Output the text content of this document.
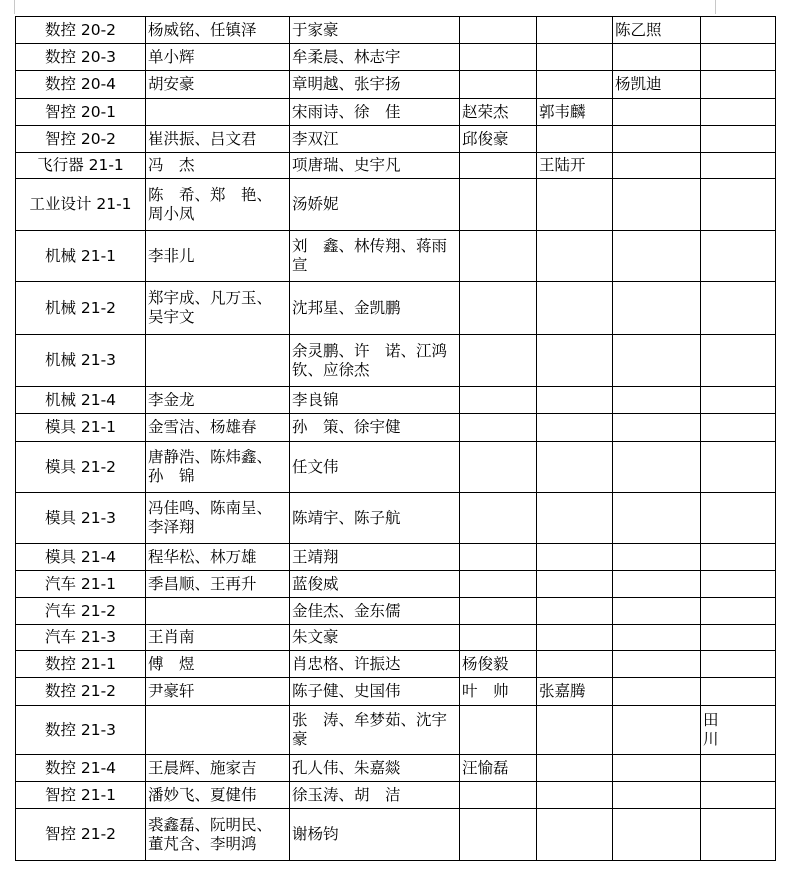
数控 20-2	杨威铭、任镇泽	于家豪			陈乙照	
数控 20-3	单小辉	牟柔晨、林志宇				
数控 20-4	胡安豪	章明越、张宇扬			杨凯迪	
智控 20-1		宋雨诗、徐　佳	赵荣杰	郭韦麟		
智控 20-2	崔洪振、吕文君	李双江	邱俊豪			
飞行器 21-1	冯　杰	项唐瑞、史宇凡		王陆开		
工业设计 21-1	陈　希、郑　艳、周小凤	汤娇妮				
机械 21-1	李非儿	刘　鑫、林传翔、蒋雨宣				
机械 21-2	郑宇成、凡万玉、吴宇文	沈邦星、金凯鹏				
机械 21-3		余灵鹏、许　诺、江鸿钦、应徐杰				
机械 21-4	李金龙	李良锦				
模具 21-1	金雪洁、杨雄春	孙　策、徐宇健				
模具 21-2	唐静浩、陈炜鑫、孙　锦	任文伟				
模具 21-3	冯佳鸣、陈南呈、李泽翔	陈靖宇、陈子航				
模具 21-4	程华松、林万雄	王靖翔				
汽车 21-1	季昌顺、王再升	蓝俊威				
汽车 21-2		金佳杰、金东儒				
汽车 21-3	王肖南	朱文豪				
数控 21-1	傅　煜	肖忠格、许振达	杨俊毅			
数控 21-2	尹豪轩	陈子健、史国伟	叶　帅	张嘉腾		
数控 21-3		张　涛、牟梦茹、沈宇豪				田　川
数控 21-4	王晨辉、施家吉	孔人伟、朱嘉燚	汪愉磊			
智控 21-1	潘妙飞、夏健伟	徐玉涛、胡　洁				
智控 21-2	裘鑫磊、阮明民、董芃含、李明鸿	谢杨钧				
